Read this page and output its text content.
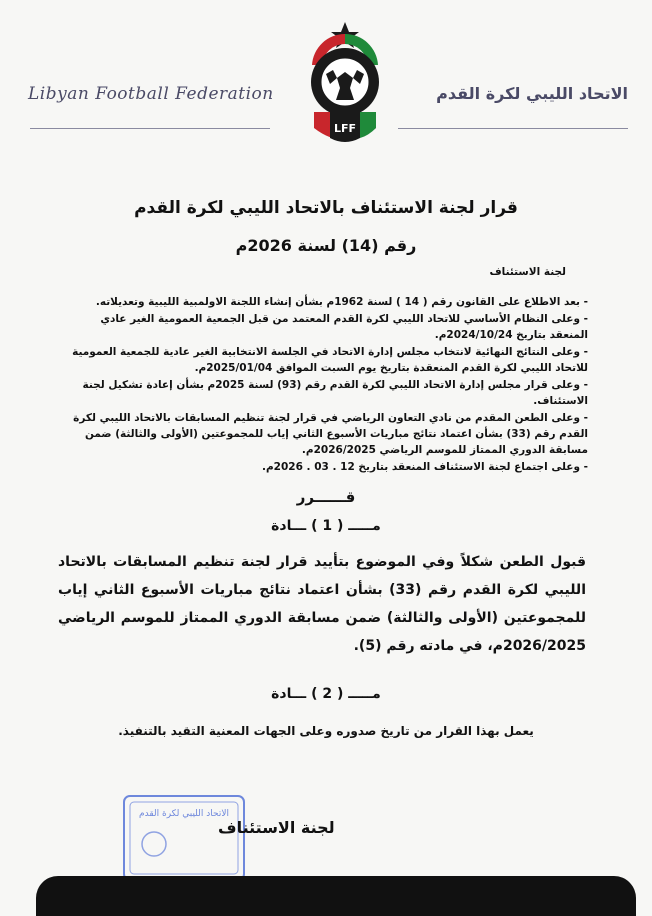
Libyan Football Federation
LFF
الاتحاد الليبي لكرة القدم
قرار لجنة الاستئناف بالاتحاد الليبي لكرة القدم
رقم (14) لسنة 2026م
لجنة الاستئناف

- بعد الاطلاع على القانون رقم ( 14 ) لسنة 1962م بشأن إنشاء اللجنة الاولمبية الليبية وتعديلاته.

- وعلى النظام الأساسي للاتحاد الليبي لكرة القدم المعتمد من قبل الجمعية العمومية الغير عادي المنعقد بتاريخ 2024/10/24م.

- وعلى النتائج النهائية لانتخاب مجلس إدارة الاتحاد في الجلسة الانتخابية الغير عادية للجمعية العمومية للاتحاد الليبي لكرة القدم المنعقدة بتاريخ يوم السبت الموافق 2025/01/04م.

- وعلى قرار مجلس إدارة الاتحاد الليبي لكرة القدم رقم (93) لسنة 2025م بشأن إعادة تشكيل لجنة الاستئناف.

- وعلى الطعن المقدم من نادي التعاون الرياضي في قرار لجنة تنظيم المسابقات بالاتحاد الليبي لكرة القدم رقم (33) بشأن اعتماد نتائج مباريات الأسبوع الثاني إياب للمجموعتين (الأولى والثالثة) ضمن مسابقة الدوري الممتاز للموسم الرياضي 2026/2025م.

- وعلى اجتماع لجنة الاستئناف المنعقد بتاريخ 12 . 03 . 2026م.

قــــــرر
مـــــ ( 1 ) ـــادة
قبول الطعن شكلاً وفي الموضوع بتأييد قرار لجنة تنظيم المسابقات بالاتحاد الليبي لكرة القدم رقم (33) بشأن اعتماد نتائج مباريات الأسبوع الثاني إياب للمجموعتين (الأولى والثالثة) ضمن مسابقة الدوري الممتاز للموسم الرياضي 2026/2025م، في مادته رقم (5).
مـــــ ( 2 ) ـــادة
يعمل بهذا القرار من تاريخ صدوره وعلى الجهات المعنية التقيد بالتنفيذ.
الاتحاد الليبي لكرة القدم
لجنة الاستئناف
